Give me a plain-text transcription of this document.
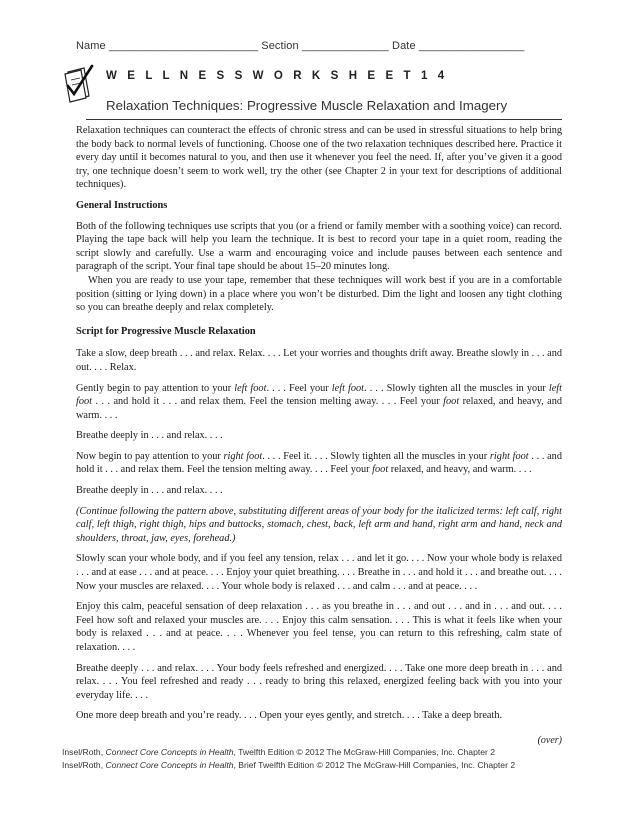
Name ________________________ Section ______________ Date _________________
W E L L N E S S W O R K S H E E T 1 4
Relaxation Techniques: Progressive Muscle Relaxation and Imagery

Relaxation techniques can counteract the effects of chronic stress and can be used in stressful situations to help bring the body back to normal levels of functioning. Choose one of the two relaxation techniques described here. Practice it every day until it becomes natural to you, and then use it whenever you feel the need. If, after you’ve given it a good try, one technique doesn’t seem to work well, try the other (see Chapter 2 in your text for descriptions of additional techniques).

General Instructions

Both of the following techniques use scripts that you (or a friend or family member with a soothing voice) can record. Playing the tape back will help you learn the technique. It is best to record your tape in a quiet room, reading the script slowly and carefully. Use a warm and encouraging voice and include pauses between each sentence and paragraph of the script. Your final tape should be about 15–20 minutes long.

When you are ready to use your tape, remember that these techniques will work best if you are in a comfortable position (sitting or lying down) in a place where you won’t be disturbed. Dim the light and loosen any tight clothing so you can breathe deeply and relax completely.

Script for Progressive Muscle Relaxation

Take a slow, deep breath . . . and relax. Relax. . . . Let your worries and thoughts drift away. Breathe slowly in . . . and out. . . . Relax.

Gently begin to pay attention to your left foot. . . . Feel your left foot. . . . Slowly tighten all the muscles in your left foot . . . and hold it . . . and relax them. Feel the tension melting away. . . . Feel your foot relaxed, and heavy, and warm. . . .

Breathe deeply in . . . and relax. . . .

Now begin to pay attention to your right foot. . . . Feel it. . . . Slowly tighten all the muscles in your right foot . . . and hold it . . . and relax them. Feel the tension melting away. . . . Feel your foot relaxed, and heavy, and warm. . . .

Breathe deeply in . . . and relax. . . .

(Continue following the pattern above, substituting different areas of your body for the italicized terms: left calf, right calf, left thigh, right thigh, hips and buttocks, stomach, chest, back, left arm and hand, right arm and hand, neck and shoulders, throat, jaw, eyes, forehead.)

Slowly scan your whole body, and if you feel any tension, relax . . . and let it go. . . . Now your whole body is relaxed . . . and at ease . . . and at peace. . . . Enjoy your quiet breathing. . . . Breathe in . . . and hold it . . . and breathe out. . . . Now your muscles are relaxed. . . . Your whole body is relaxed . . . and calm . . . and at peace. . . .

Enjoy this calm, peaceful sensation of deep relaxation . . . as you breathe in . . . and out . . . and in . . . and out. . . . Feel how soft and relaxed your muscles are. . . . Enjoy this calm sensation. . . . This is what it feels like when your body is relaxed . . . and at peace. . . . Whenever you feel tense, you can return to this refreshing, calm state of relaxation. . . .

Breathe deeply . . . and relax. . . . Your body feels refreshed and energized. . . . Take one more deep breath in . . . and relax. . . . You feel refreshed and ready . . . ready to bring this relaxed, energized feeling back with you into your everyday life. . . .

One more deep breath and you’re ready. . . . Open your eyes gently, and stretch. . . . Take a deep breath.

(over)
Insel/Roth, Connect Core Concepts in Health, Twelfth Edition © 2012 The McGraw-Hill Companies, Inc. Chapter 2
Insel/Roth, Connect Core Concepts in Health, Brief Twelfth Edition © 2012 The McGraw-Hill Companies, Inc. Chapter 2
